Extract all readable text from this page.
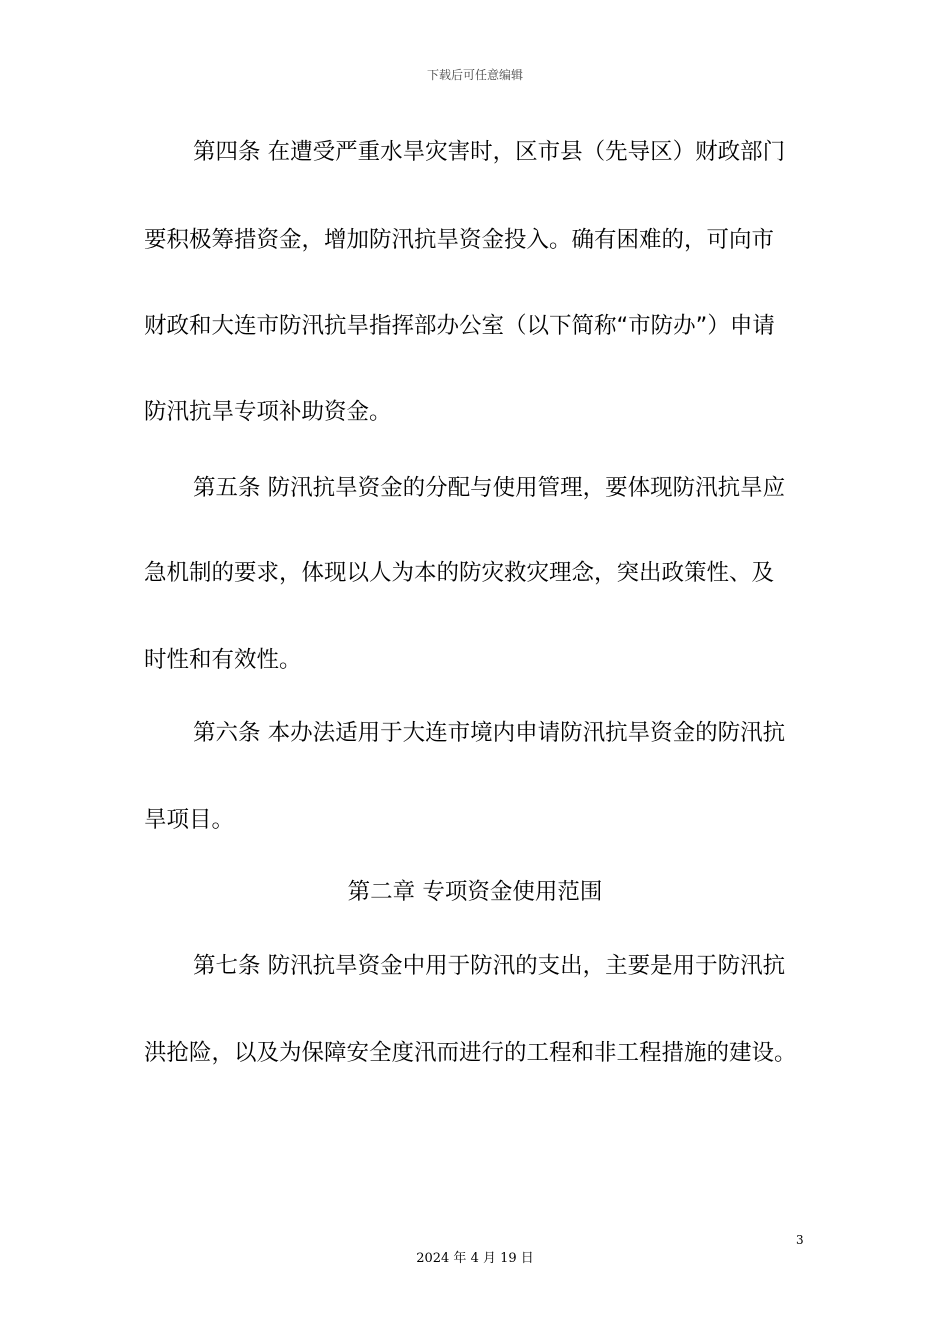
下载后可任意编辑
第四条 在遭受严重水旱灾害时，区市县（先导区）财政部门
要积极筹措资金，增加防汛抗旱资金投入。确有困难的，可向市
财政和大连市防汛抗旱指挥部办公室（以下简称“市防办”）申请
防汛抗旱专项补助资金。
第五条 防汛抗旱资金的分配与使用管理，要体现防汛抗旱应
急机制的要求，体现以人为本的防灾救灾理念，突出政策性、及
时性和有效性。
第六条 本办法适用于大连市境内申请防汛抗旱资金的防汛抗
旱项目。
第二章 专项资金使用范围
第七条 防汛抗旱资金中用于防汛的支出，主要是用于防汛抗
洪抢险，以及为保障安全度汛而进行的工程和非工程措施的建设。
3
2024 年 4 月 19 日
